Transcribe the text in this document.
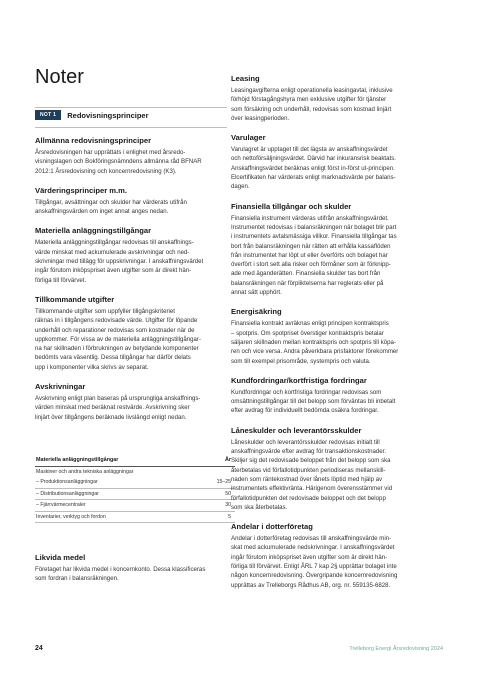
Noter
NOT 1	Redovisningsprinciper
Allmänna redovisningsprinciper
Årsredovisningen har upprättats i enlighet med årsredo-
visningslagen och Bokföringsnämndens allmänna råd BFNAR
2012:1 Årsredovisning och koncernredovisning (K3).
Värderingsprinciper m.m.
Tillgångar, avsättningar och skulder har värderats utifrån
anskaffningsvärden om inget annat anges nedan.
Materiella anläggningstillgångar
Materiella anläggningstillgångar redovisas till anskaffnings-
värde minskat med ackumulerade avskrivningar och ned-
skrivningar med tillägg för uppskrivningar. I anskaffningsvärdet
ingår förutom inköpspriset även utgifter som är direkt hän-
förliga till förvärvet.
Tillkommande utgifter
Tillkommande utgifter som uppfyller tillgångskriteriet
räknas in i tillgångens redovisade värde. Utgifter för löpande
underhåll och reparationer redovisas som kostnader när de
uppkommer. För vissa av de materiella anläggningstillgångar-
na har skillnaden i förbrukningen av betydande komponenter
bedömts vara väsentlig. Dessa tillgångar har därför delats
upp i komponenter vilka skrivs av separat.
Avskrivningar
Avskrivning enligt plan baseras på ursprungliga anskaffnings-
värden minskat med beräknat restvärde. Avskrivning sker
linjärt över tillgångens beräknade livslängd enligt nedan.
Materiella anläggningstillgångar	År
Maskiner och andra tekniska anläggningar
– Produktionsanläggningar	15–25
– Distributionsanläggningar	50
– Fjärrvärmecentraler	30
Inventarier, verktyg och fordon	5
Likvida medel
Företaget har likvida medel i koncernkonto. Dessa klassificeras
som fordran i balansräkningen.
Leasing
Leasingavgifterna enligt operationella leasingavtal, inklusive
förhöjd förstagångshyra men exklusive utgifter för tjänster
som försäkring och underhåll, redovisas som kostnad linjärt
över leasingperioden.
Varulager
Varulagret är upptaget till det lägsta av anskaffningsvärdet
och nettoförsäljningsvärdet. Därvid har inkuransrisk beaktats.
Anskaffningsvärdet beräknas enligt först in-först ut-principen.
Elcertifikaten har värderats enligt marknadsvärde per balans-
dagen.
Finansiella tillgångar och skulder
Finansiella instrument värderas utifrån anskaffningsvärdet.
Instrumentet redovisas i balansräkningen när bolaget blir part
i instrumentets avtalsmässiga villkor. Finansiella tillgångar tas
bort från balansräkningen när rätten att erhålla kassaflöden
från instrumentet har löpt ut eller överförts och bolaget har
överfört i stort sett alla risker och förmåner som är förknipp-
ade med äganderätten. Finansiella skulder tas bort från
balansräkningen när förpliktelserna har reglerats eller på
annat sätt upphört.
Energisäkring
Finansiella kontrakt avräknas enligt principen kontraktspris
– spotpris. Om spotpriset överstiger kontraktspris betalar
säljaren skillnaden mellan kontraktspris och spotpris till köpa-
ren och vice versa. Andra påverkbara prisfaktorer förekommer
som till exempel prisområde, systempris och valuta.
Kundfordringar/kortfristiga fordringar
Kundfordringar och kortfristiga fordringar redovisas som
omsättningstillgångar till det belopp som förväntas bli inbetalt
efter avdrag för individuellt bedömda osäkra fordringar.
Låneskulder och leverantörsskulder
Låneskulder och leverantörsskulder redovisas initialt till
anskaffningsvärde efter avdrag för transaktionskostnader.
Skiljer sig det redovisade beloppet från det belopp som ska
återbetalas vid förfallotidpunkten periodiseras mellanskill-
naden som räntekostnad över lånets löptid med hjälp av
instrumentets effektivränta. Härigenom överensstämmer vid
förfallotidpunkten det redovisade beloppet och det belopp
som ska återbetalas.
Andelar i dotterföretag
Andelar i dotterföretag redovisas till anskaffningsvärde min-
skat med ackumulerade nedskrivningar. I anskaffningsvärdet
ingår förutom inköpspriset även utgifter som är direkt hän-
förliga till förvärvet. Enligt ÅRL 7 kap 2§ upprättar bolaget inte
någon koncernredovisning. Övergripande koncernredovisning
upprättas av Trelleborgs Rådhus AB, org. nr. 559135-6828.
24	Trelleborg Energi Årsredovisning 2024
